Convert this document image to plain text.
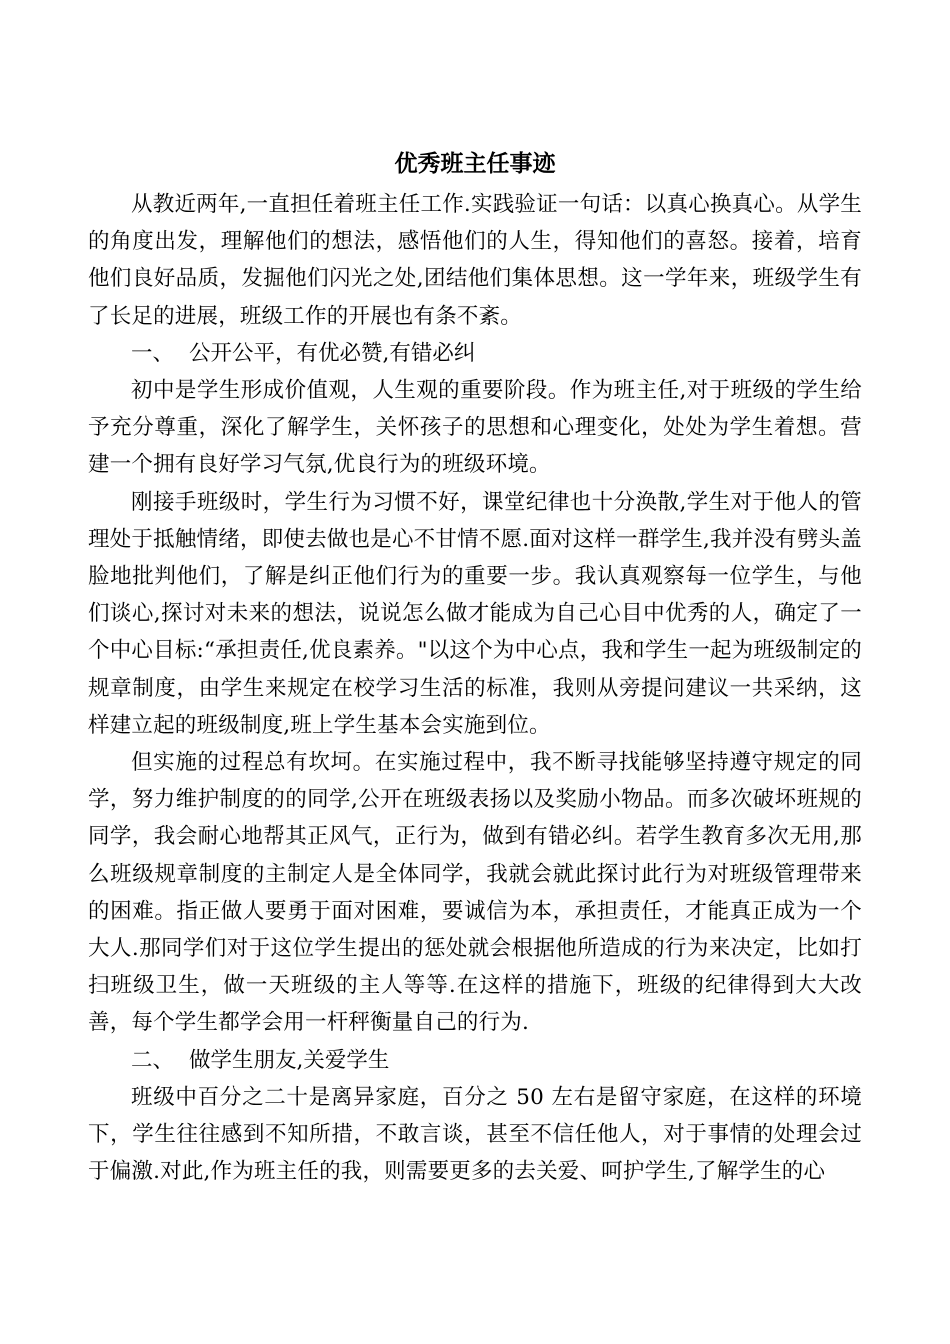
优秀班主任事迹

从教近两年,一直担任着班主任工作.实践验证一句话：以真心换真心。从学生的角度出发，理解他们的想法，感悟他们的人生，得知他们的喜怒。接着，培育他们良好品质，发掘他们闪光之处,团结他们集体思想。这一学年来，班级学生有了长足的进展，班级工作的开展也有条不紊。

一、 公开公平，有优必赞,有错必纠

初中是学生形成价值观，人生观的重要阶段。作为班主任,对于班级的学生给予充分尊重，深化了解学生，关怀孩子的思想和心理变化，处处为学生着想。营建一个拥有良好学习气氛,优良行为的班级环境。

刚接手班级时，学生行为习惯不好，课堂纪律也十分涣散,学生对于他人的管理处于抵触情绪，即使去做也是心不甘情不愿.面对这样一群学生,我并没有劈头盖脸地批判他们，了解是纠正他们行为的重要一步。我认真观察每一位学生，与他们谈心,探讨对未来的想法，说说怎么做才能成为自己心目中优秀的人，确定了一个中心目标:“承担责任,优良素养。"以这个为中心点，我和学生一起为班级制定的规章制度，由学生来规定在校学习生活的标准，我则从旁提问建议一共采纳，这样建立起的班级制度,班上学生基本会实施到位。

但实施的过程总有坎坷。在实施过程中，我不断寻找能够坚持遵守规定的同学，努力维护制度的的同学,公开在班级表扬以及奖励小物品。而多次破坏班规的同学，我会耐心地帮其正风气，正行为，做到有错必纠。若学生教育多次无用,那么班级规章制度的主制定人是全体同学，我就会就此探讨此行为对班级管理带来的困难。指正做人要勇于面对困难，要诚信为本，承担责任，才能真正成为一个大人.那同学们对于这位学生提出的惩处就会根据他所造成的行为来决定，比如打扫班级卫生，做一天班级的主人等等.在这样的措施下，班级的纪律得到大大改善，每个学生都学会用一杆秤衡量自己的行为.

二、 做学生朋友,关爱学生

班级中百分之二十是离异家庭，百分之 50 左右是留守家庭，在这样的环境下，学生往往感到不知所措，不敢言谈，甚至不信任他人，对于事情的处理会过于偏激.对此,作为班主任的我，则需要更多的去关爱、呵护学生,了解学生的心
